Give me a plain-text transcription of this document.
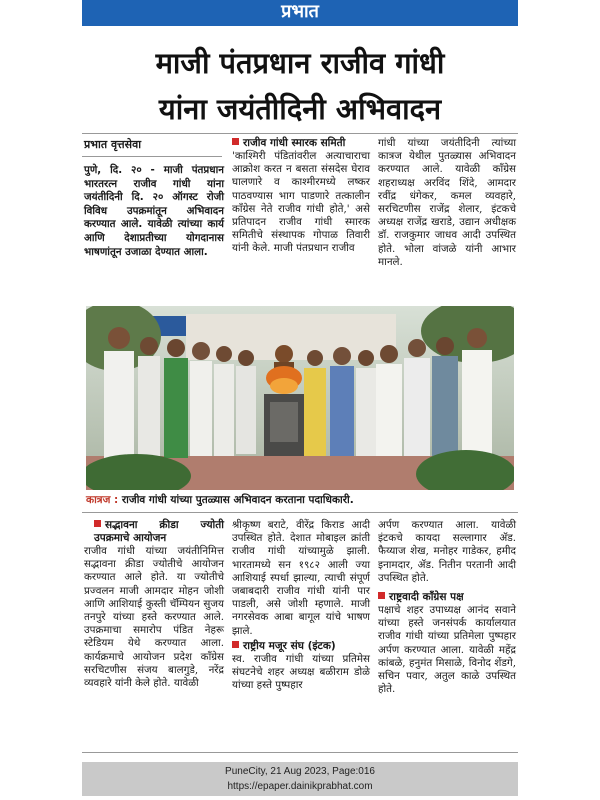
प्रभात
माजी पंतप्रधान राजीव गांधी
यांना जयंतीदिनी अभिवादन
प्रभात वृत्तसेवा

पुणे, दि. २० - माजी पंतप्रधान भारतरत्न राजीव गांधी यांना जयंतीदिनी दि. २० ऑगस्ट रोजी विविध उपक्रमांतून अभिवादन करण्यात आले. यावेळी त्यांच्या कार्य आणि देशाप्रतीच्या योगदानास भाषणांतून उजाळा देण्यात आला.

राजीव गांधी स्मारक समिती

'काश्मिरी पंडितांवरील अत्याचाराचा आक्रोश करत न बसता संसदेस घेराव घालणारे व काश्मीरमध्ये लष्कर पाठवण्यास भाग पाडणारे तत्कालीन कॉंग्रेस नेते राजीव गांधी होते,' असे प्रतिपादन राजीव गांधी स्मारक समितीचे संस्थापक गोपाळ तिवारी यांनी केले. माजी पंतप्रधान राजीव

गांधी यांच्या जयंतीदिनी त्यांच्या कात्रज येथील पुतळ्यास अभिवादन करण्यात आले. यावेळी कॉंग्रेस शहराध्यक्ष अरविंद शिंदे, आमदार रवींद्र धंगेकर, कमल व्यवहारे, सरचिटणीस राजेंद्र शेलार, इंटकचे अध्यक्ष राजेंद्र खराडे, उद्यान अधीक्षक डॉ. राजकुमार जाधव आदी उपस्थित होते. भोला वांजळे यांनी आभार मानले.

कात्रज : राजीव गांधी यांच्या पुतळ्यास अभिवादन करताना पदाधिकारी.
सद्भावना क्रीडा ज्योती उपक्रमाचे आयोजन

राजीव गांधी यांच्या जयंतीनिमित्त सद्भावना क्रीडा ज्योतीचे आयोजन करण्यात आले होते. या ज्योतीचे प्रज्वलन माजी आमदार मोहन जोशी आणि आशियाई कुस्ती चॅम्पियन सुजय तनपुरे यांच्या हस्ते करण्यात आले. उपक्रमाचा समारोप पंडित नेहरू स्टेडियम येथे करण्यात आला. कार्यक्रमाचे आयोजन प्रदेश कॉंग्रेस सरचिटणीस संजय बालगुडे, नरेंद्र व्यवहारे यांनी केले होते. यावेळी

श्रीकृष्ण बराटे, वीरेंद्र किराड आदी उपस्थित होते. देशात मोबाइल क्रांती राजीव गांधी यांच्यामुळे झाली. भारतामध्ये सन १९८२ आली ज्या आशियाई स्पर्धा झाल्या, त्याची संपूर्ण जबाबदारी राजीव गांधी यांनी पार पाडली, असे जोशी म्हणाले. माजी नगरसेवक आबा बागूल यांचे भाषण झाले.

राष्ट्रीय मजूर संघ (इंटक)

स्व. राजीव गांधी यांच्या प्रतिमेस संघटनेचे शहर अध्यक्ष बळीराम डोळे यांच्या हस्ते पुष्पहार

अर्पण करण्यात आला. यावेळी इंटकचे कायदा सल्लागार ॲड. फैय्याज शेख, मनोहर गाडेकर, हमीद इनामदार, ॲड. नितीन परतानी आदी उपस्थित होते.

राष्ट्रवादी कॉंग्रेस पक्ष

पक्षाचे शहर उपाध्यक्ष आनंद सवाने यांच्या हस्ते जनसंपर्क कार्यालयात राजीव गांधी यांच्या प्रतिमेला पुष्पहार अर्पण करण्यात आला. यावेळी महेंद्र कांबळे, हनुमंत मिसाळे, विनोद शेंडगे, सचिन पवार, अतुल काळे उपस्थित होते.

PuneCity, 21 Aug 2023, Page:016
https://epaper.dainikprabhat.com
